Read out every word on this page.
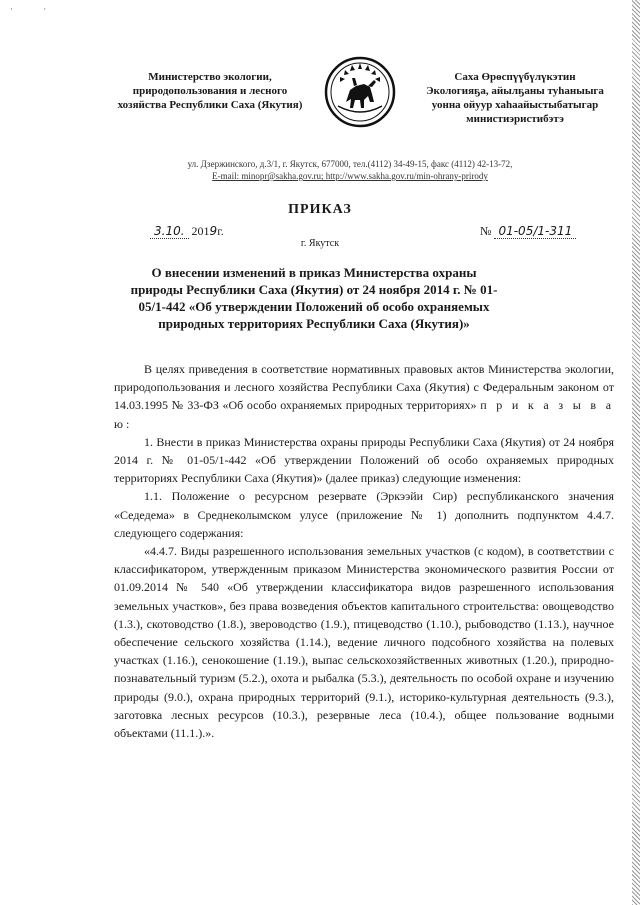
· ·
Министерство экологии,
природопользования и лесного
хозяйства Республики Саха (Якутия)
Саха Өрөспүүбүлүкэтин
Экологияҕа, айылҕаны туһаныыга
уонна ойуур хаһаайыстыбатыгар
министиэристибэтэ
ул. Дзержинского, д.3/1, г. Якутск, 677000, тел.(4112) 34-49-15, факс (4112) 42-13-72,
E-mail: minopr@sakha.gov.ru; http://www.sakha.gov.ru/min-ohrany-prirody
ПРИКАЗ
3.10. 2019г.	№ 01-05/1-311
г. Якутск
О внесении изменений в приказ Министерства охраны природы Республики Саха (Якутия) от 24 ноября 2014 г. № 01-05/1-442 «Об утверждении Положений об особо охраняемых природных территориях Республики Саха (Якутия)»

В целях приведения в соответствие нормативных правовых актов Министерства экологии, природопользования и лесного хозяйства Республики Саха (Якутия) с Федеральным законом от 14.03.1995 № 33-ФЗ «Об особо охраняемых природных территориях» п р и к а з ы в а ю:

1. Внести в приказ Министерства охраны природы Республики Саха (Якутия) от 24 ноября 2014 г. № 01-05/1-442 «Об утверждении Положений об особо охраняемых природных территориях Республики Саха (Якутия)» (далее приказ) следующие изменения:

1.1. Положение о ресурсном резервате (Эркээйи Сир) республиканского значения «Седедема» в Среднеколымском улусе (приложение № 1) дополнить подпунктом 4.4.7. следующего содержания:

«4.4.7. Виды разрешенного использования земельных участков (с кодом), в соответствии с классификатором, утвержденным приказом Министерства экономического развития России от 01.09.2014 № 540 «Об утверждении классификатора видов разрешенного использования земельных участков», без права возведения объектов капитального строительства: овощеводство (1.3.), скотоводство (1.8.), звероводство (1.9.), птицеводство (1.10.), рыбоводство (1.13.), научное обеспечение сельского хозяйства (1.14.), ведение личного подсобного хозяйства на полевых участках (1.16.), сенокошение (1.19.), выпас сельскохозяйственных животных (1.20.), природно-познавательный туризм (5.2.), охота и рыбалка (5.3.), деятельность по особой охране и изучению природы (9.0.), охрана природных территорий (9.1.), историко-культурная деятельность (9.3.), заготовка лесных ресурсов (10.3.), резервные леса (10.4.), общее пользование водными объектами (11.1.).».
